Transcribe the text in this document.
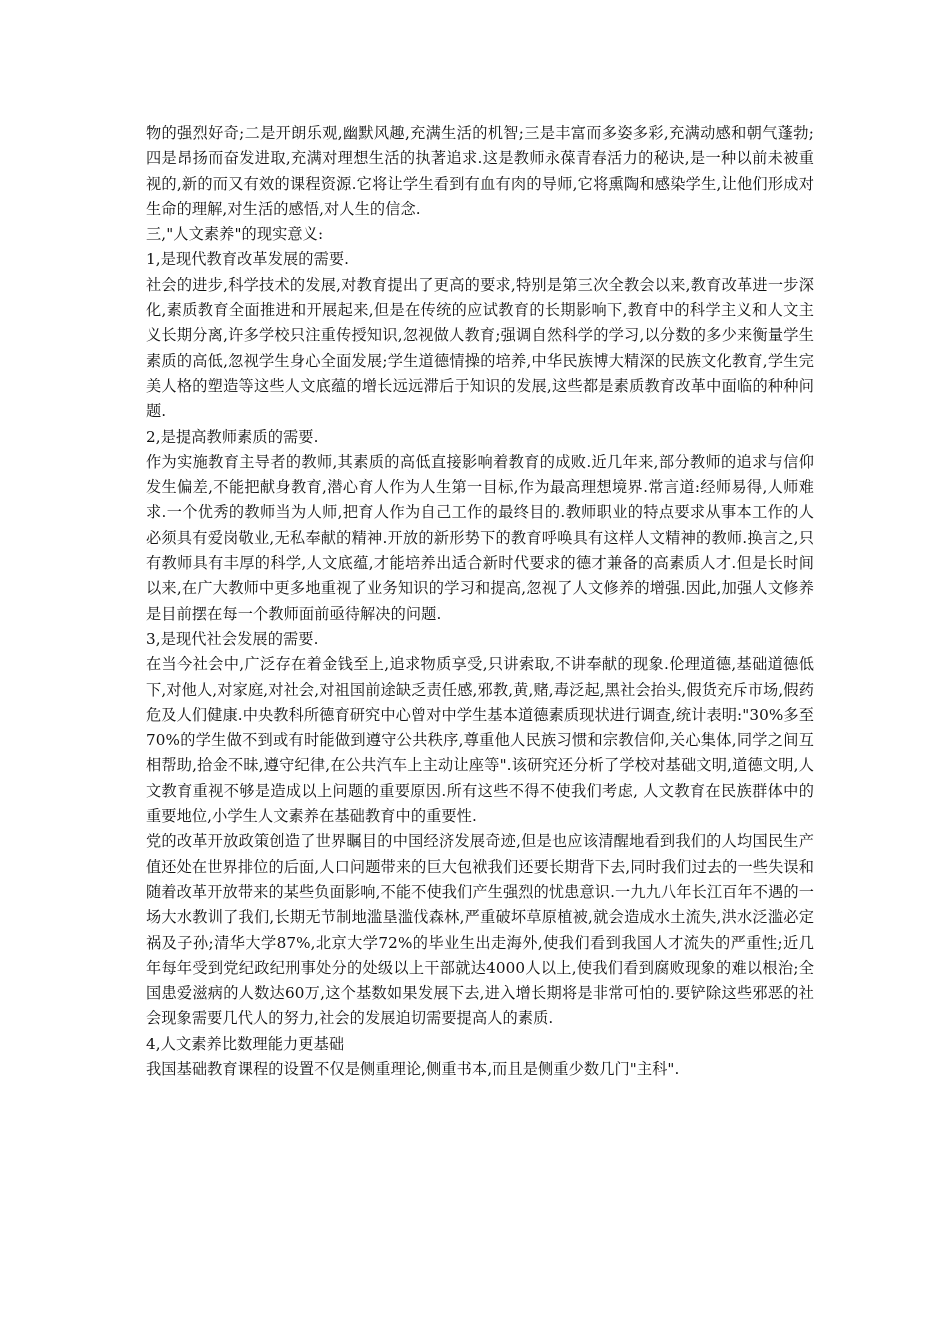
物的强烈好奇;二是开朗乐观,幽默风趣,充满生活的机智;三是丰富而多姿多彩,充满动感和朝气蓬勃;四是昂扬而奋发进取,充满对理想生活的执著追求.这是教师永葆青春活力的秘诀,是一种以前未被重视的,新的而又有效的课程资源.它将让学生看到有血有肉的导师,它将熏陶和感染学生,让他们形成对生命的理解,对生活的感悟,对人生的信念.

三,"人文素养"的现实意义:

1,是现代教育改革发展的需要.

社会的进步,科学技术的发展,对教育提出了更高的要求,特别是第三次全教会以来,教育改革进一步深化,素质教育全面推进和开展起来,但是在传统的应试教育的长期影响下,教育中的科学主义和人文主义长期分离,许多学校只注重传授知识,忽视做人教育;强调自然科学的学习,以分数的多少来衡量学生素质的高低,忽视学生身心全面发展;学生道德情操的培养,中华民族博大精深的民族文化教育,学生完美人格的塑造等这些人文底蕴的增长远远滞后于知识的发展,这些都是素质教育改革中面临的种种问题.

2,是提高教师素质的需要.

作为实施教育主导者的教师,其素质的高低直接影响着教育的成败.近几年来,部分教师的追求与信仰发生偏差,不能把献身教育,潜心育人作为人生第一目标,作为最高理想境界.常言道:经师易得,人师难求.一个优秀的教师当为人师,把育人作为自己工作的最终目的.教师职业的特点要求从事本工作的人必须具有爱岗敬业,无私奉献的精神.开放的新形势下的教育呼唤具有这样人文精神的教师.换言之,只有教师具有丰厚的科学,人文底蕴,才能培养出适合新时代要求的德才兼备的高素质人才.但是长时间以来,在广大教师中更多地重视了业务知识的学习和提高,忽视了人文修养的增强.因此,加强人文修养是目前摆在每一个教师面前亟待解决的问题.

3,是现代社会发展的需要.

在当今社会中,广泛存在着金钱至上,追求物质享受,只讲索取,不讲奉献的现象.伦理道德,基础道德低下,对他人,对家庭,对社会,对祖国前途缺乏责任感,邪教,黄,赌,毒泛起,黑社会抬头,假货充斥市场,假药危及人们健康.中央教科所德育研究中心曾对中学生基本道德素质现状进行调查,统计表明:"30%多至70%的学生做不到或有时能做到遵守公共秩序,尊重他人民族习惯和宗教信仰,关心集体,同学之间互相帮助,拾金不昧,遵守纪律,在公共汽车上主动让座等".该研究还分析了学校对基础文明,道德文明,人文教育重视不够是造成以上问题的重要原因.所有这些不得不使我们考虑, 人文教育在民族群体中的重要地位,小学生人文素养在基础教育中的重要性.

党的改革开放政策创造了世界瞩目的中国经济发展奇迹,但是也应该清醒地看到我们的人均国民生产值还处在世界排位的后面,人口问题带来的巨大包袱我们还要长期背下去,同时我们过去的一些失误和随着改革开放带来的某些负面影响,不能不使我们产生强烈的忧患意识.一九九八年长江百年不遇的一场大水教训了我们,长期无节制地滥垦滥伐森林,严重破坏草原植被,就会造成水土流失,洪水泛滥必定祸及子孙;清华大学87%,北京大学72%的毕业生出走海外,使我们看到我国人才流失的严重性;近几年每年受到党纪政纪刑事处分的处级以上干部就达4000人以上,使我们看到腐败现象的难以根治;全国患爱滋病的人数达60万,这个基数如果发展下去,进入增长期将是非常可怕的.要铲除这些邪恶的社会现象需要几代人的努力,社会的发展迫切需要提高人的素质.

4,人文素养比数理能力更基础

我国基础教育课程的设置不仅是侧重理论,侧重书本,而且是侧重少数几门"主科".
